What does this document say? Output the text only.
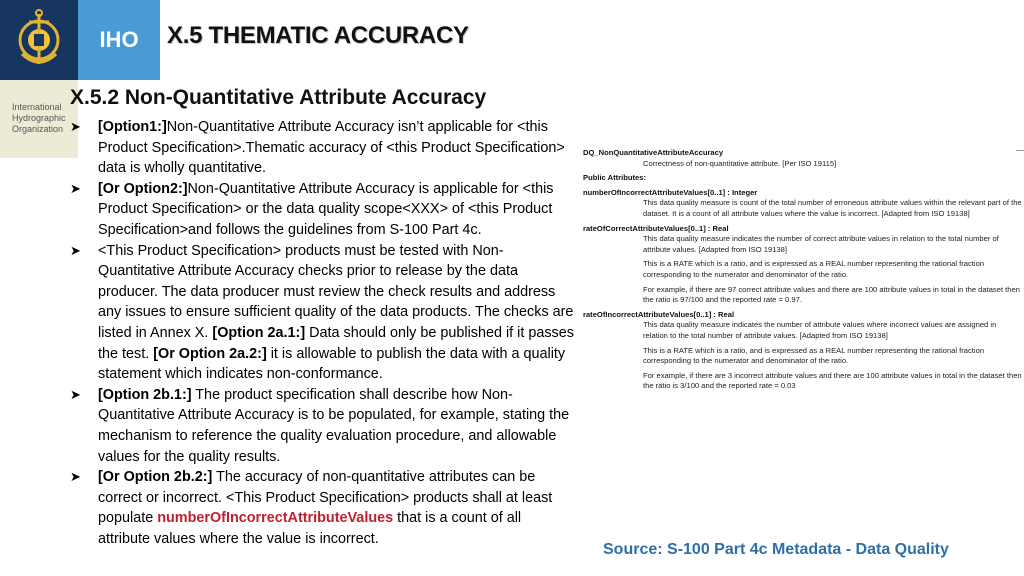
IHO
International
Hydrographic
Organization
X.5 THEMATIC ACCURACY
X.5.2 Non-Quantitative Attribute Accuracy
➤ [Option1:]Non-Quantitative Attribute Accuracy isn’t applicable for <this Product Specification>.Thematic accuracy of <this Product Specification> data is wholly quantitative.
➤ [Or Option2:]Non-Quantitative Attribute Accuracy is applicable for <this Product Specification> or the data quality scope<XXX> of <this Product Specification>and follows the guidelines from S-100 Part 4c.
➤ <This Product Specification> products must be tested with Non-Quantitative Attribute Accuracy checks prior to release by the data producer. The data producer must review the check results and address any issues to ensure sufficient quality of the data products. The checks are listed in Annex X. [Option 2a.1:] Data should only be published if it passes the test. [Or Option 2a.2:] it is allowable to publish the data with a quality statement which indicates non-conformance.
➤ [Option 2b.1:] The product specification shall describe how Non-Quantitative Attribute Accuracy is to be populated, for example, stating the mechanism to reference the quality evaluation procedure, and allowable values for the quality results.
➤ [Or Option 2b.2:] The accuracy of non-quantitative attributes can be correct or incorrect. <This Product Specification> products shall at least populate numberOfIncorrectAttributeValues that is a count of all attribute values where the value is incorrect.
DQ_NonQuantitativeAttributeAccuracy
Correctness of non-quantitative attribute. [Per ISO 19115]
Public Attributes:
numberOfIncorrectAttributeValues[0..1] : Integer
This data quality measure is count of the total number of erroneous attribute values within the relevant part of the dataset. It is a count of all attribute values where the value is incorrect. [Adapted from ISO 19138]
rateOfCorrectAttributeValues[0..1] : Real
This data quality measure indicates the number of correct attribute values in relation to the total number of attribute values. [Adapted from ISO 19138]
This is a RATE which is a ratio, and is expressed as a REAL number representing the rational fraction corresponding to the numerator and denominator of the ratio.
For example, if there are 97 correct attribute values and there are 100 attribute values in total in the dataset then the ratio is 97/100 and the reported rate = 0.97.
rateOfIncorrectAttributeValues[0..1] : Real
This data quality measure indicates the number of attribute values where incorrect values are assigned in relation to the total number of attribute values. [Adapted from ISO 19138]
This is a RATE which is a ratio, and is expressed as a REAL number representing the rational fraction corresponding to the numerator and denominator of the ratio.
For example, if there are 3 incorrect attribute values and there are 100 attribute values in total in the dataset then the ratio is 3/100 and the reported rate = 0.03
Source: S-100 Part 4c Metadata - Data Quality
